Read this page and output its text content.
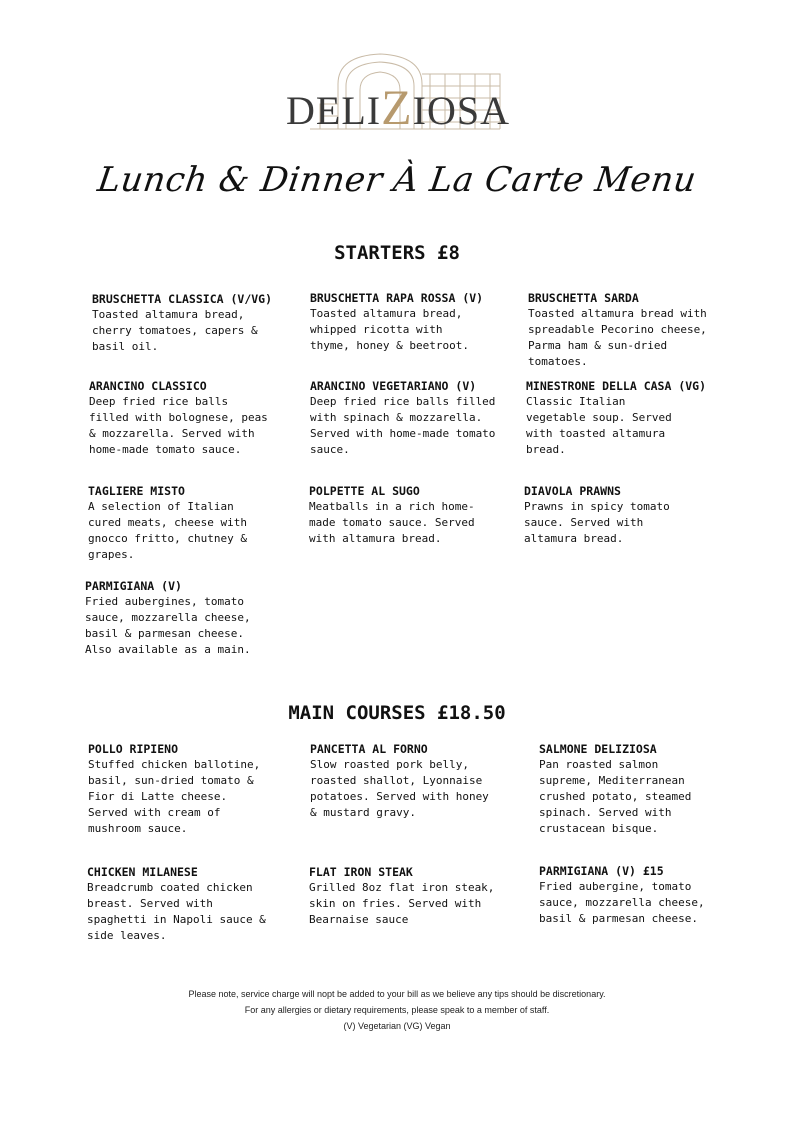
DELIZIOSA
Lunch & Dinner À La Carte Menu
STARTERS £8
BRUSCHETTA CLASSICA (V/VG)
Toasted altamura bread, cherry tomatoes, capers & basil oil.
BRUSCHETTA RAPA ROSSA (V)
Toasted altamura bread, whipped ricotta with thyme, honey & beetroot.
BRUSCHETTA SARDA
Toasted altamura bread with spreadable Pecorino cheese, Parma ham & sun-dried tomatoes.
ARANCINO CLASSICO
Deep fried rice balls filled with bolognese, peas & mozzarella. Served with home-made tomato sauce.
ARANCINO VEGETARIANO (V)
Deep fried rice balls filled with spinach & mozzarella. Served with home-made tomato sauce.
MINESTRONE DELLA CASA (VG)
Classic Italian vegetable soup. Served with toasted altamura bread.
TAGLIERE MISTO
A selection of Italian cured meats, cheese with gnocco fritto, chutney & grapes.
POLPETTE AL SUGO
Meatballs in a rich home-made tomato sauce. Served with altamura bread.
DIAVOLA PRAWNS
Prawns in spicy tomato sauce. Served with altamura bread.
PARMIGIANA (V)
Fried aubergines, tomato sauce, mozzarella cheese, basil & parmesan cheese. Also available as a main.
MAIN COURSES £18.50
POLLO RIPIENO
Stuffed chicken ballotine, basil, sun-dried tomato & Fior di Latte cheese. Served with cream of mushroom sauce.
PANCETTA AL FORNO
Slow roasted pork belly, roasted shallot, Lyonnaise potatoes. Served with honey & mustard gravy.
SALMONE DELIZIOSA
Pan roasted salmon supreme, Mediterranean crushed potato, steamed spinach. Served with crustacean bisque.
CHICKEN MILANESE
Breadcrumb coated chicken breast. Served with spaghetti in Napoli sauce & side leaves.
FLAT IRON STEAK
Grilled 8oz flat iron steak, skin on fries. Served with Bearnaise sauce
PARMIGIANA (V) £15
Fried aubergine, tomato sauce, mozzarella cheese, basil & parmesan cheese.
Please note, service charge will nopt be added to your bill as we believe any tips should be discretionary.
For any allergies or dietary requirements, please speak to a member of staff.
(V) Vegetarian (VG) Vegan
